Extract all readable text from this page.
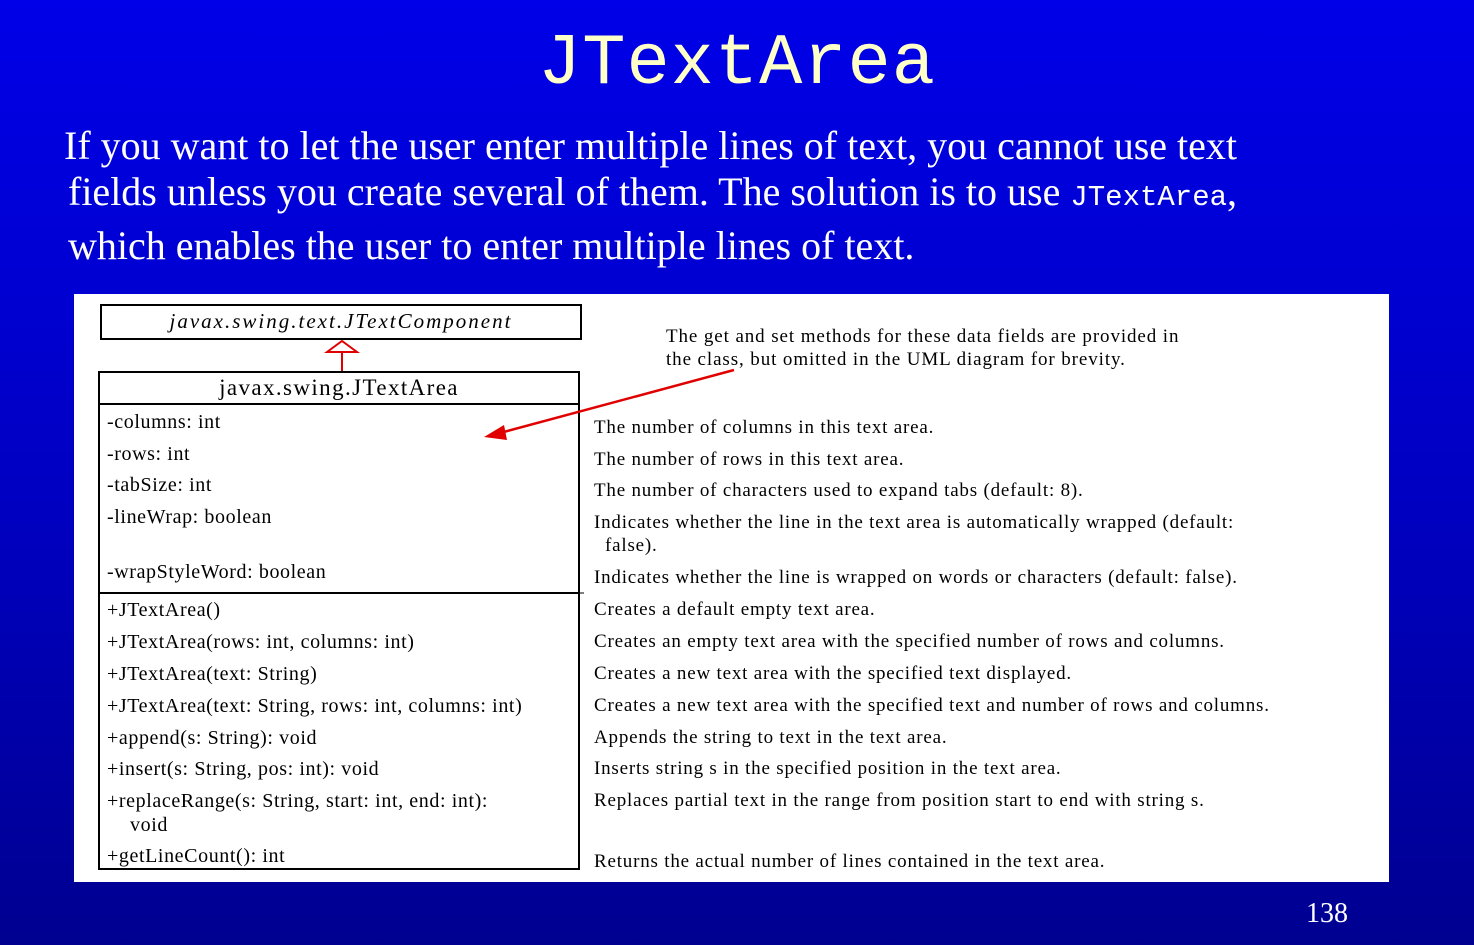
JTextArea
If you want to let the user enter multiple lines of text, you cannot use text
fields unless you create several of them. The solution is to use JTextArea,
which enables the user to enter multiple lines of text.
javax.swing.text.JTextComponent
javax.swing.JTextArea
The get and set methods for these data fields are provided in
the class, but omitted in the UML diagram for brevity.
-columns: int	The number of columns in this text area.
-rows: int	The number of rows in this text area.
-tabSize: int	The number of characters used to expand tabs (default: 8).
-lineWrap: boolean	Indicates whether the line in the text area is automatically wrapped (default:
false).
-wrapStyleWord: boolean	Indicates whether the line is wrapped on words or characters (default: false).
+JTextArea()	Creates a default empty text area.
+JTextArea(rows: int, columns: int)	Creates an empty text area with the specified number of rows and columns.
+JTextArea(text: String)	Creates a new text area with the specified text displayed.
+JTextArea(text: String, rows: int, columns: int)	Creates a new text area with the specified text and number of rows and columns.
+append(s: String): void	Appends the string to text in the text area.
+insert(s: String, pos: int): void	Inserts string s in the specified position in the text area.
+replaceRange(s: String, start: int, end: int):	Replaces partial text in the range from position start to end with string s.
void
+getLineCount(): int	Returns the actual number of lines contained in the text area.
138
